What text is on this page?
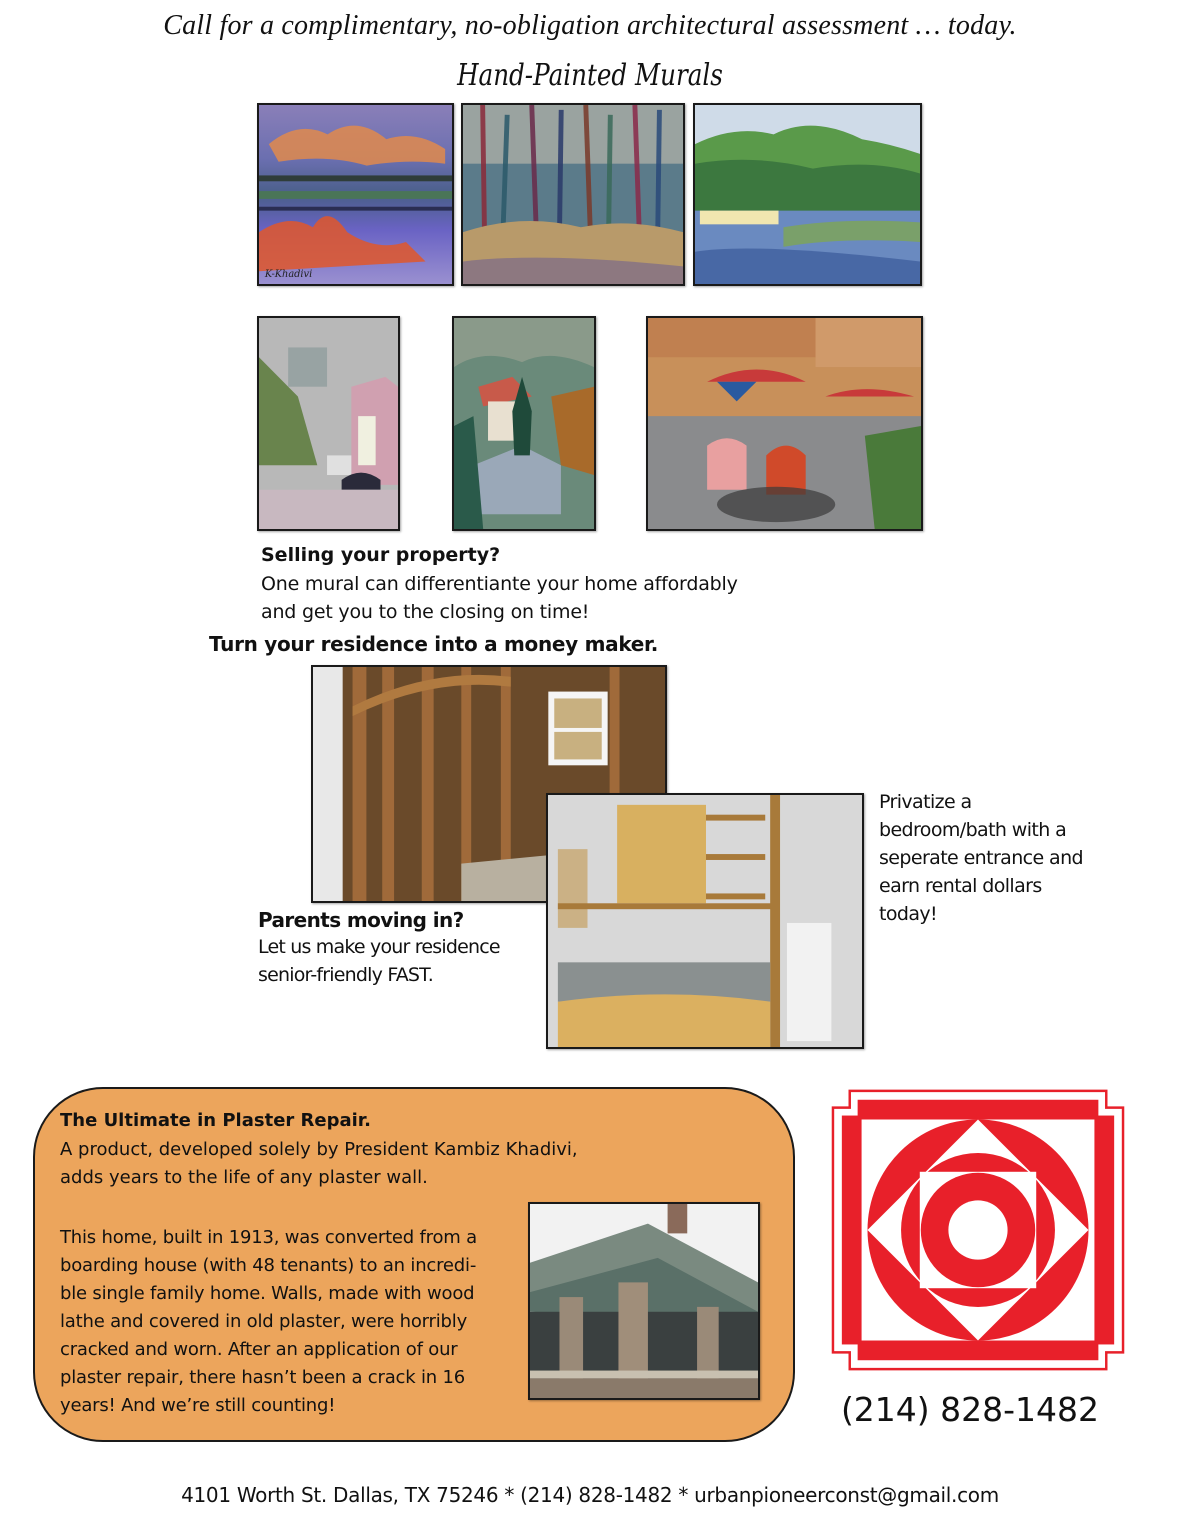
Call for a complimentary, no-obligation architectural assessment … today.
Hand-Painted Murals
K-Khadivi
Selling your property?
One mural can differentiante your home affordably
and get you to the closing on time!
Turn your residence into a money maker.
Parents moving in?
Let us make your residence
senior-friendly FAST.
Privatize a
bedroom/bath with a
seperate entrance and
earn rental dollars
today!
The Ultimate in Plaster Repair.
A product, developed solely by President Kambiz Khadivi,
adds years to the life of any plaster wall.
This home, built in 1913, was converted from a
boarding house (with 48 tenants) to an incredi-
ble single family home. Walls, made with wood
lathe and covered in old plaster, were horribly
cracked and worn. After an application of our
plaster repair, there hasn’t been a crack in 16
years! And we’re still counting!	(214) 828-1482
4101 Worth St. Dallas, TX 75246 * (214) 828-1482 * urbanpioneerconst@gmail.com
